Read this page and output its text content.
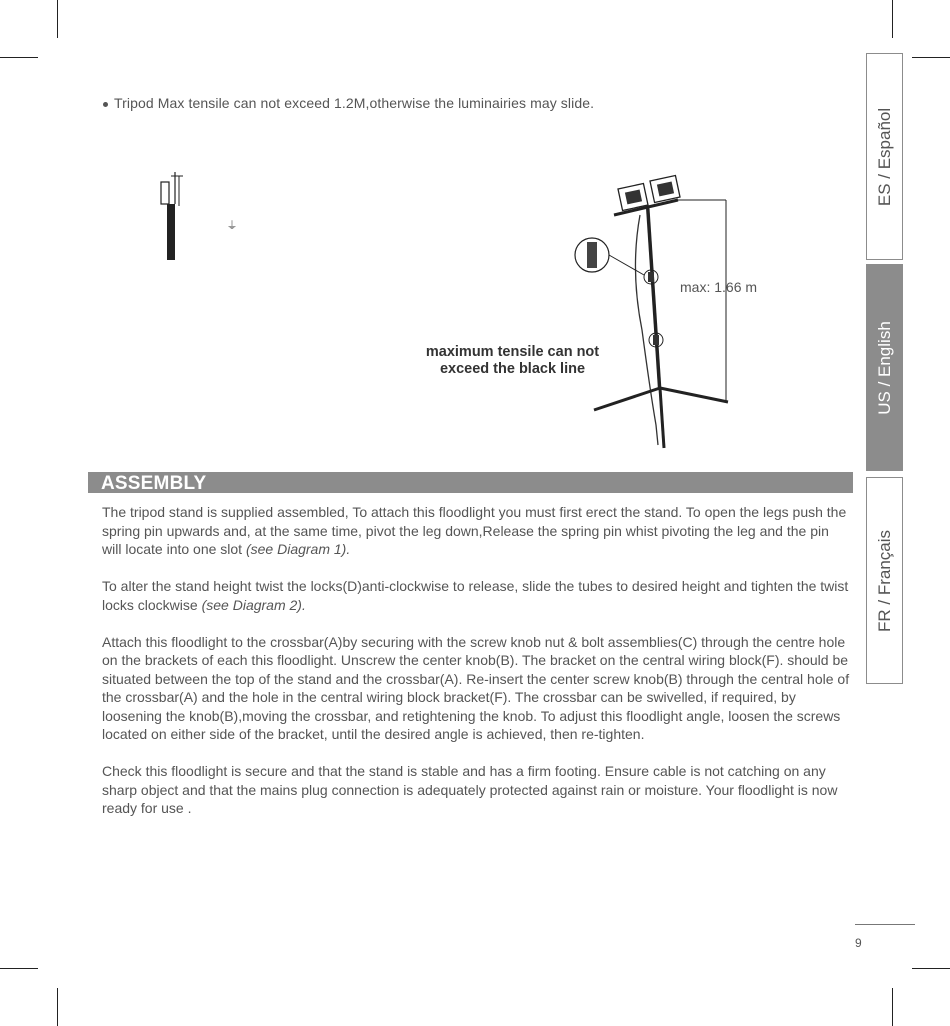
Tripod Max tensile can not exceed 1.2M,otherwise the luminairies may slide.
⏚
max: 1.66 m
maximum tensile can not
exceed the black line
ASSEMBLY

The tripod stand is supplied assembled, To attach this floodlight you must first erect the stand. To open the legs push the spring pin upwards and, at the same time, pivot the leg down,Release the spring pin whist pivoting the leg and the pin will locate into one slot (see Diagram 1).

To alter the stand height twist the locks(D)anti-clockwise to release, slide the tubes to desired height and tighten the twist locks clockwise (see Diagram 2).

Attach this floodlight to the crossbar(A)by securing with the screw knob nut & bolt assemblies(C) through the centre hole on the brackets of each this floodlight. Unscrew the center knob(B). The bracket on the central wiring block(F). should be situated between the top of the stand and the crossbar(A). Re-insert the center screw knob(B) through the central hole of the crossbar(A) and the hole in the central wiring block bracket(F). The crossbar can be swivelled, if required, by loosening the knob(B),moving the crossbar, and retightening the knob. To adjust this floodlight angle, loosen the screws located on either side of the bracket, until the desired angle is achieved, then re-tighten.

Check this floodlight is secure and that the stand is stable and has a firm footing. Ensure cable is not catching on any sharp object and that the mains plug connection is adequately protected against rain or moisture. Your floodlight is now ready for use .

ES / Español
US / English
FR / Français
9
